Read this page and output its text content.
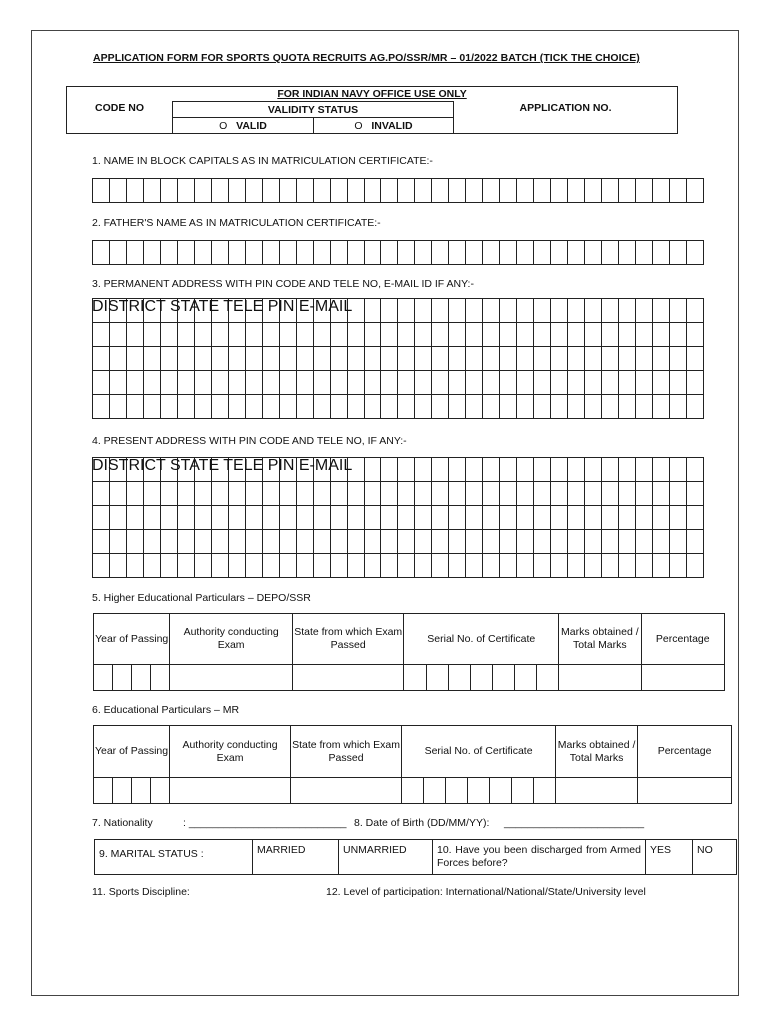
APPLICATION FORM FOR SPORTS QUOTA RECRUITS AG.PO/SSR/MR – 01/2022 BATCH (TICK THE CHOICE)
FOR INDIAN NAVY OFFICE USE ONLY			
CODE NO	VALIDITY STATUS		APPLICATION NO.
	O VALID	O INVALID	
1. NAME IN BLOCK CAPITALS AS IN MATRICULATION CERTIFICATE:-

2. FATHER'S NAME AS IN MATRICULATION CERTIFICATE:-

3. PERMANENT ADDRESS WITH PIN CODE AND TELE NO, E-MAIL ID IF ANY:-

DISTRICT STATE TELE PIN E-MAIL
4. PRESENT ADDRESS WITH PIN CODE AND TELE NO, IF ANY:-

DISTRICT STATE TELE PIN E-MAIL
5. Higher Educational Particulars – DEPO/SSR
Year of Passing				Authority conducting Exam	State from which Exam Passed	Serial No. of Certificate							Marks obtained / Total Marks	Percentage

6. Educational Particulars – MR
Year of Passing				Authority conducting Exam	State from which Exam Passed	Serial No. of Certificate							Marks obtained / Total Marks	Percentage

7. Nationality	: ___________________________ 8. Date of Birth (DD/MM/YY): ________________________
9. MARITAL STATUS :	MARRIED	UNMARRIED	10. Have you been discharged from Armed Forces before?	YES	NO
11. Sports Discipline:	12. Level of participation: International/National/State/University level
